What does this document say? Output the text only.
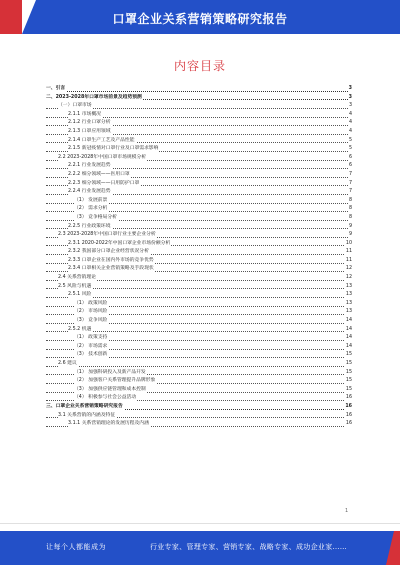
口罩企业关系营销策略研究报告
内容目录
一、引言	3
二、2023-2028年口罩市场前景及趋势预测	3
（一）口罩市场	3
2.1.1 市场概况	4
2.1.2 行业口罩分析	4
2.1.3 口罩应用领域	4
2.1.4 口罩生产工艺及产品性能	5
2.1.5 新冠疫情对口罩行业及口罩需求影响	5
2.2 2023-2028年中国口罩市场规模分析	6
2.2.1 行业发展趋势	6
2.2.2 细分领域——医用口罩	7
2.2.3 细分领域——日用防护口罩	7
2.2.4 行业发展趋势	7
（1） 发展前景	8
（2） 需求分析	8
（3） 竞争格局分析	8
2.2.5 行业政策环境	9
2.3 2023-2028年中国口罩行业主要企业分析	9
2.3.1 2020-2022年中国口罩企业市场份额分析	10
2.3.2 我国部分口罩企业经营状况分析	11
2.3.3 口罩企业在国内外市场的竞争优势	11
2.3.4 口罩相关企业营销策略及手段现状	12
2.4 关系营销理论	12
2.5 风险与机遇	13
2.5.1 风险	13
（1） 政策风险	13
（2） 市场风险	13
（3） 竞争风险	14
2.5.2 机遇	14
（1） 政策支持	14
（2） 市场需求	14
（3） 技术创新	15
2.6 建议	15
（1） 加强科研投入及新产品开发	15
（2） 加强客户关系管理提升品牌形象	15
（3） 加强供应链管理和成本控制	15
（4） 积极参与社会公益活动	16
三、口罩企业关系营销策略研究报告	16
3.1 关系营销的内涵及特征	16
3.1.1 关系营销理论的发展历程及内涵	16
1
让每个人都能成为	行业专家、管理专家、营销专家、战略专家、成功企业家……
